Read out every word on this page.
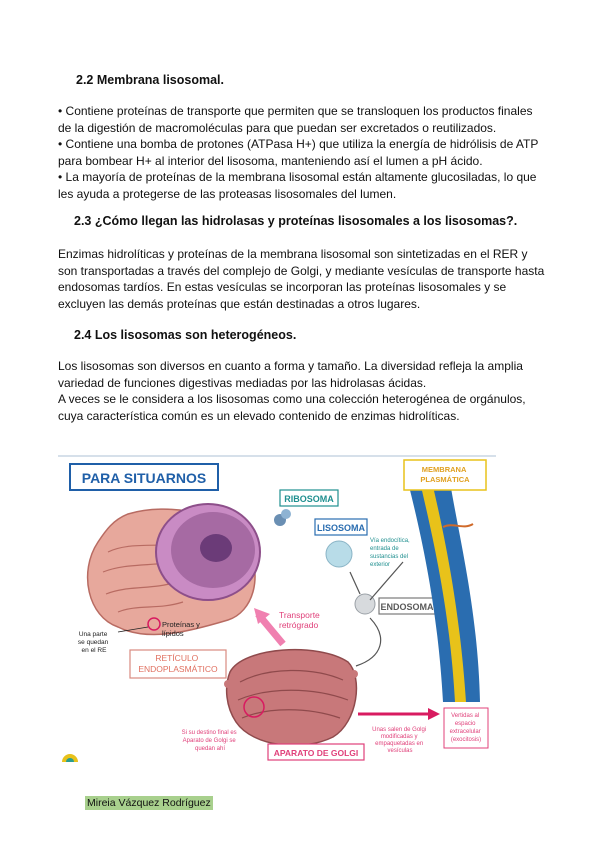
2.2 Membrana lisosomal.
• Contiene proteínas de transporte que permiten que se transloquen los productos finales
de la digestión de macromoléculas para que puedan ser excretados o reutilizados.
• Contiene una bomba de protones (ATPasa H+) que utiliza la energía de hidrólisis de ATP
para bombear H+ al interior del lisosoma, manteniendo así el lumen a pH ácido.
• La mayoría de proteínas de la membrana lisosomal están altamente glucosiladas, lo que
les ayuda a protegerse de las proteasas lisosomales del lumen.
2.3 ¿Cómo llegan las hidrolasas y proteínas lisosomales a los lisosomas?.
Enzimas hidrolíticas y proteínas de la membrana lisosomal son sintetizadas en el RER y
son transportadas a través del complejo de Golgi, y mediante vesículas de transporte hasta
endosomas tardíos. En estas vesículas se incorporan las proteínas lisosomales y se
excluyen las demás proteínas que están destinadas a otros lugares.
2.4 Los lisosomas son heterogéneos.
Los lisosomas son diversos en cuanto a forma y tamaño. La diversidad refleja la amplia
variedad de funciones digestivas mediadas por las hidrolasas ácidas.
A veces se le considera a los lisosomas como una colección heterogénea de orgánulos,
cuya característica común es un elevado contenido de enzimas hidrolíticas.
PARA SITUARNOS
RIBOSOMA
LISOSOMA
Vía endocítica, entrada de sustancias del exterior
ENDOSOMA
MEMBRANA PLASMÁTICA
Proteínas y lípidos
Una parte se quedan en el RE
RETÍCULO ENDOPLASMÁTICO
Transporte retrógrado
Si su destino final es Aparato de Golgi se quedan ahí	APARATO DE GOLGI
Unas salen de Golgi modificadas y empaquetadas en vesículas
Vertidas al espacio extracelular (exocitosis)
Mireia Vázquez Rodríguez
